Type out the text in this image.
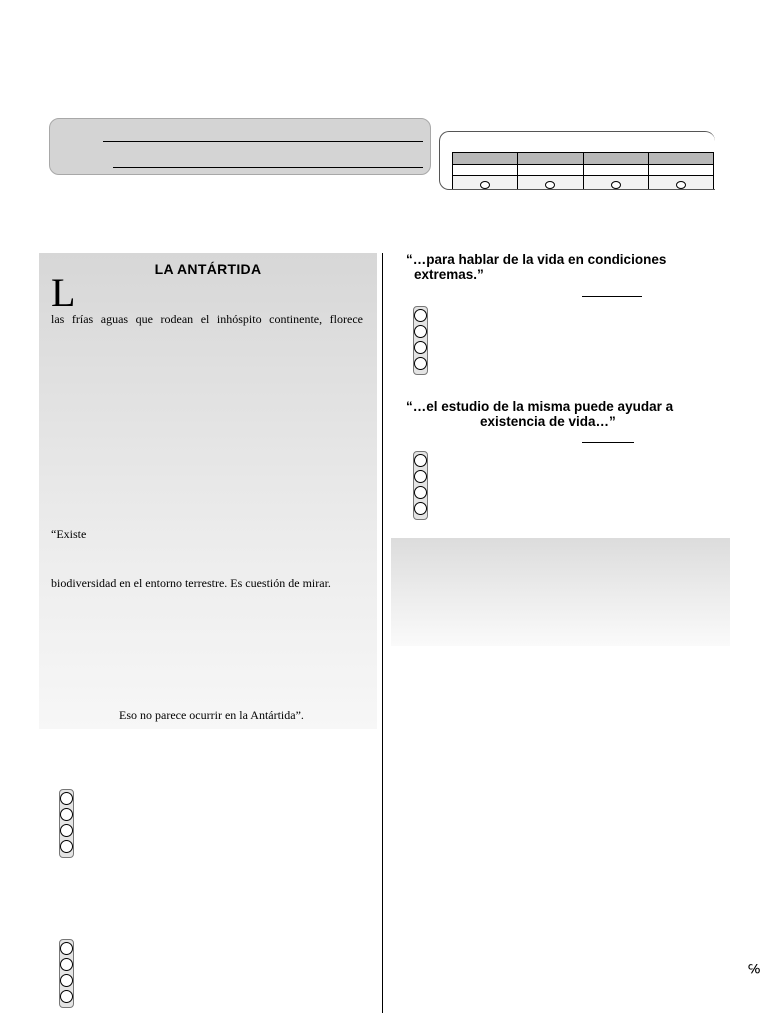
LA ANTÁRTIDA
L
las frías aguas que rodean el inhóspito continente, florece
“Existe
biodiversidad en el entorno terrestre. Es cuestión de mirar.
Eso no parece ocurrir en la Antártida”.
“…para hablar de la vida en condiciones
extremas.”
“…el estudio de la misma puede ayudar a
existencia de vida…”
℅
